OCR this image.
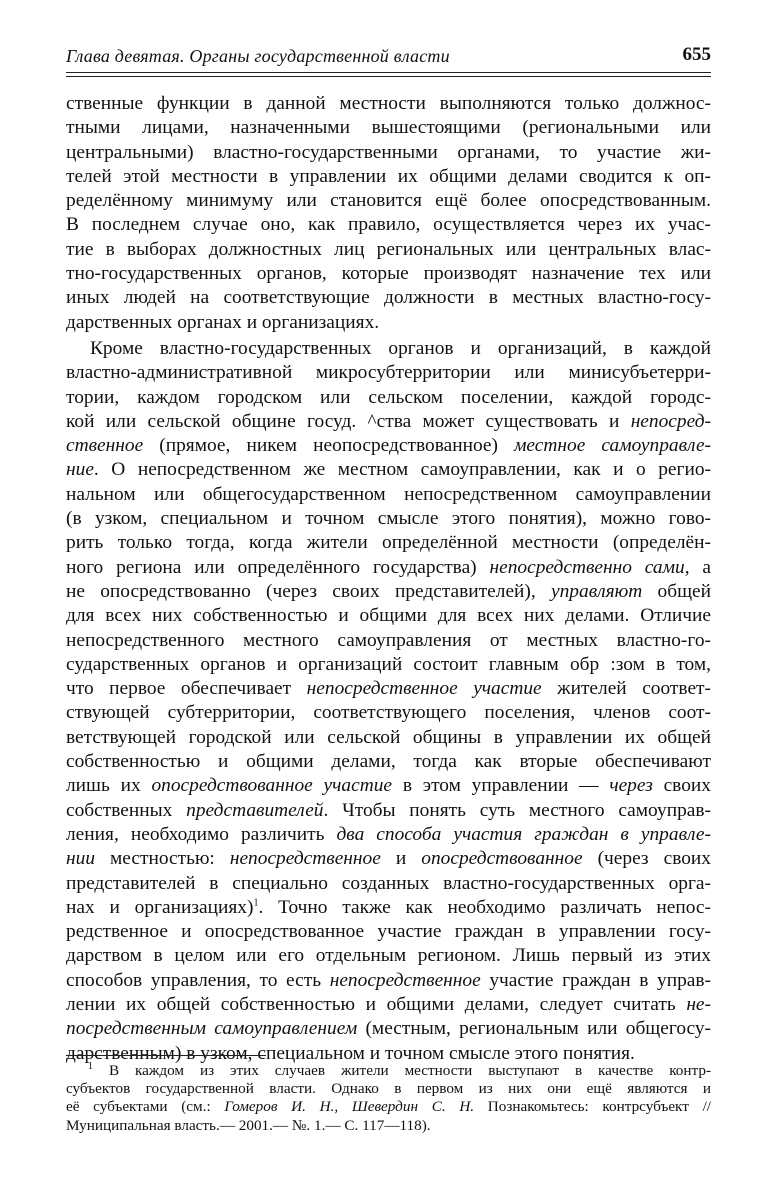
Глава девятая. Органы государственной власти	655
ственные функции в данной местности выполняются только должнос-
тными лицами, назначенными вышестоящими (региональными или
центральными) властно-государственными органами, то участие жи-
телей этой местности в управлении их общими делами сводится к оп-
ределённому минимуму или становится ещё более опосредствованным.
В последнем случае оно, как правило, осуществляется через их учас-
тие в выборах должностных лиц региональных или центральных влас-
тно-государственных органов, которые производят назначение тех или
иных людей на соответствующие должности в местных властно-госу-
дарственных органах и организациях.
Кроме властно-государственных органов и организаций, в каждой
властно-административной микросубтерритории или минисубъетерри-
тории, каждом городском или сельском поселении, каждой городс-
кой или сельской общине госуд. ^ства может существовать и непосред-
ственное (прямое, никем неопосредствованное) местное самоуправле-
ние. О непосредственном же местном самоуправлении, как и о регио-
нальном или общегосударственном непосредственном самоуправлении
(в узком, специальном и точном смысле этого понятия), можно гово-
рить только тогда, когда жители определённой местности (определён-
ного региона или определённого государства) непосредственно сами, а
не опосредствованно (через своих представителей), управляют общей
для всех них собственностью и общими для всех них делами. Отличие
непосредственного местного самоуправления от местных властно-го-
сударственных органов и организаций состоит главным обр :зом в том,
что первое обеспечивает непосредственное участие жителей соответ-
ствующей субтерритории, соответствующего поселения, членов соот-
ветствующей городской или сельской общины в управлении их общей
собственностью и общими делами, тогда как вторые обеспечивают
лишь их опосредствованное участие в этом управлении — через своих
собственных представителей. Чтобы понять суть местного самоуправ-
ления, необходимо различить два способа участия граждан в управле-
нии местностью: непосредственное и опосредствованное (через своих
представителей в специально созданных властно-государственных орга-
нах и организациях)$^1$. Точно также как необходимо различать непос-
редственное и опосредствованное участие граждан в управлении госу-
дарством в целом или его отдельным регионом. Лишь первый из этих
способов управления, то есть непосредственное участие граждан в управ-
лении их общей собственностью и общими делами, следует считать не-
посредственным самоуправлением (местным, региональным или общегосу-
дарственным) в узком, специальном и точном смысле этого понятия.
$^1$ В каждом из этих случаев жители местности выступают в качестве контр-
субъектов государственной власти. Однако в первом из них они ещё являются и
её субъектами (см.: Гомеров И. Н., Шевердин С. Н. Познакомьтесь: контрсубъект //
Муниципальная власть.— 2001.— №. 1.— С. 117—118).
